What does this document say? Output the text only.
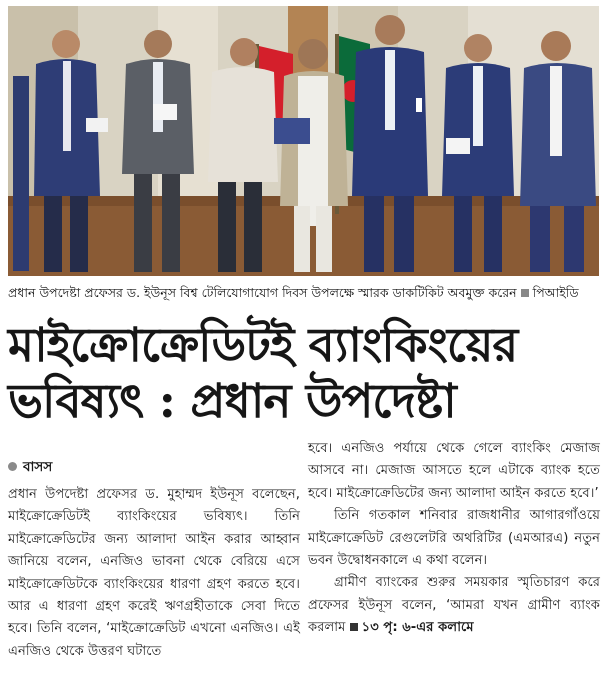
প্রধান উপদেষ্টা প্রফেসর ড. ইউনূস বিশ্ব টেলিযোগাযোগ দিবস উপলক্ষে স্মারক ডাকটিকিট অবমুক্ত করেন পিআইডি
মাইক্রোক্রেডিটই ব্যাংকিংয়ের
ভবিষ্যৎ : প্রধান উপদেষ্টা
বাসস

প্রধান উপদেষ্টা প্রফেসর ড. মুহাম্মদ ইউনূস বলেছেন, মাইক্রোক্রেডিটই ব্যাংকিংয়ের ভবিষ্যৎ। তিনি মাইক্রোক্রেডিটের জন্য আলাদা আইন করার আহ্বান জানিয়ে বলেন, এনজিও ভাবনা থেকে বেরিয়ে এসে মাইক্রোক্রেডিটকে ব্যাংকিংয়ের ধারণা গ্রহণ করতে হবে। আর এ ধারণা গ্রহণ করেই ঋণগ্রহীতাকে সেবা দিতে হবে। তিনি বলেন, ‘মাইক্রোক্রেডিট এখনো এনজিও। এই এনজিও থেকে উত্তরণ ঘটাতে

হবে। এনজিও পর্যায়ে থেকে গেলে ব্যাংকিং মেজাজ আসবে না। মেজাজ আসতে হলে এটাকে ব্যাংক হতে হবে। মাইক্রোক্রেডিটের জন্য আলাদা আইন করতে হবে।’

তিনি গতকাল শনিবার রাজধানীর আগারগাঁওয়ে মাইক্রোক্রেডিট রেগুলেটরি অথরিটির (এমআরএ) নতুন ভবন উদ্বোধনকালে এ কথা বলেন।

গ্রামীণ ব্যাংকের শুরুর সময়কার স্মৃতিচারণ করে প্রফেসর ইউনূস বলেন, ‘আমরা যখন গ্রামীণ ব্যাংক করলাম ১৩ পৃ: ৬-এর কলামে
